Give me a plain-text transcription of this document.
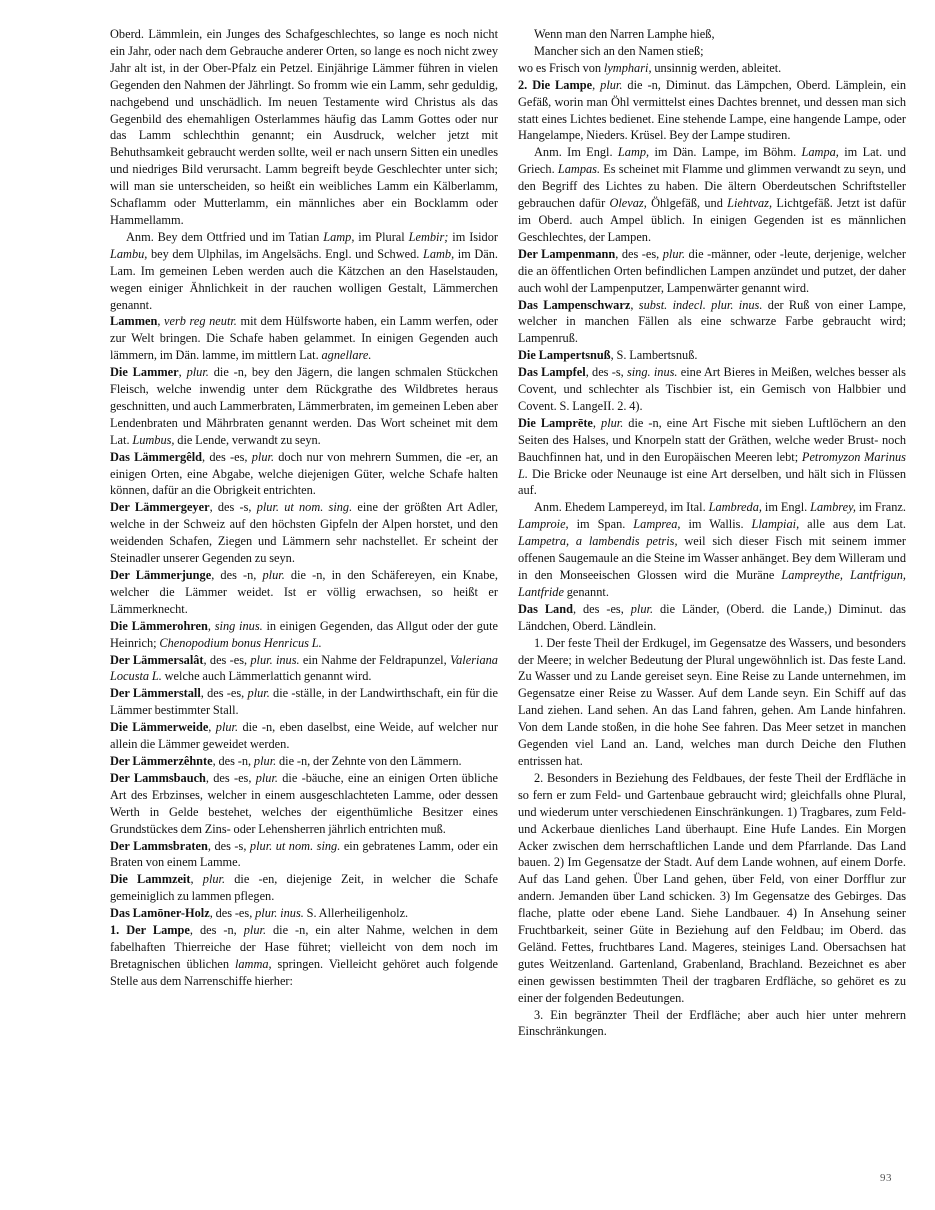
Oberd. Lämmlein, ein Junges des Schafgeschlechtes, so lange es noch nicht ein Jahr, oder nach dem Gebrauche anderer Orten, so lange es noch nicht zwey Jahr alt ist, in der Ober-Pfalz ein Petzel. Einjährige Lämmer führen in vielen Gegenden den Nahmen der Jährlingt. So fromm wie ein Lamm, sehr geduldig, nachgebend und unschädlich. Im neuen Testamente wird Christus als das Gegenbild des ehemahligen Osterlammes häufig das Lamm Gottes oder nur das Lamm schlechthin genannt; ein Ausdruck, welcher jetzt mit Behuthsamkeit gebraucht werden sollte, weil er nach unsern Sitten ein unedles und niedriges Bild verursacht. Lamm begreift beyde Geschlechter unter sich; will man sie unterscheiden, so heißt ein weibliches Lamm ein Kälberlamm, Schaflamm oder Mutterlamm, ein männliches aber ein Bocklamm oder Hammellamm.

Anm. Bey dem Ottfried und im Tatian Lamp, im Plural Lembir; im Isidor Lambu, bey dem Ulphilas, im Angelsächs. Engl. und Schwed. Lamb, im Dän. Lam. Im gemeinen Leben werden auch die Kätzchen an den Haselstauden, wegen einiger Ähnlichkeit in der rauchen wolligen Gestalt, Lämmerchen genannt.

Lammen, verb reg neutr. mit dem Hülfsworte haben, ein Lamm werfen, oder zur Welt bringen. Die Schafe haben gelammet. In einigen Gegenden auch lämmern, im Dän. lamme, im mittlern Lat. agnellare.

Die Lammer, plur. die -n, bey den Jägern, die langen schmalen Stückchen Fleisch, welche inwendig unter dem Rückgrathe des Wildbretes heraus geschnitten, und auch Lammerbraten, Lämmerbraten, im gemeinen Leben aber Lendenbraten und Mährbraten genannt werden. Das Wort scheinet mit dem Lat. Lumbus, die Lende, verwandt zu seyn.

Das Lämmergêld, des -es, plur. doch nur von mehrern Summen, die -er, an einigen Orten, eine Abgabe, welche diejenigen Güter, welche Schafe halten können, dafür an die Obrigkeit entrichten.

Der Lämmergeyer, des -s, plur. ut nom. sing. eine der größten Art Adler, welche in der Schweiz auf den höchsten Gipfeln der Alpen horstet, und den weidenden Schafen, Ziegen und Lämmern sehr nachstellet. Er scheint der Steinadler unserer Gegenden zu seyn.

Der Lämmerjunge, des -n, plur. die -n, in den Schäfereyen, ein Knabe, welcher die Lämmer weidet. Ist er völlig erwachsen, so heißt er Lämmerknecht.

Die Lämmerohren, sing inus. in einigen Gegenden, das Allgut oder der gute Heinrich; Chenopodium bonus Henricus L.

Der Lämmersalât, des -es, plur. inus. ein Nahme der Feldrapunzel, Valeriana Locusta L. welche auch Lämmerlattich genannt wird.

Der Lämmerstall, des -es, plur. die -ställe, in der Landwirthschaft, ein für die Lämmer bestimmter Stall.

Die Lämmerweide, plur. die -n, eben daselbst, eine Weide, auf welcher nur allein die Lämmer geweidet werden.

Der Lämmerzêhnte, des -n, plur. die -n, der Zehnte von den Lämmern.

Der Lammsbauch, des -es, plur. die -bäuche, eine an einigen Orten übliche Art des Erbzinses, welcher in einem ausgeschlachteten Lamme, oder dessen Werth in Gelde bestehet, welches der eigenthümliche Besitzer eines Grundstückes dem Zins- oder Lehensherren jährlich entrichten muß.

Der Lammsbraten, des -s, plur. ut nom. sing. ein gebratenes Lamm, oder ein Braten von einem Lamme.

Die Lammzeit, plur. die -en, diejenige Zeit, in welcher die Schafe gemeiniglich zu lammen pflegen.

Das Lamōner-Holz, des -es, plur. inus. S. Allerheiligenholz.

1. Der Lampe, des -n, plur. die -n, ein alter Nahme, welchen in dem fabelhaften Thierreiche der Hase führet; vielleicht von dem noch im Bretagnischen üblichen lamma, springen. Vielleicht gehöret auch folgende Stelle aus dem Narrenschiffe hierher:

Wenn man den Narren Lamphe hieß,

Mancher sich an den Namen stieß;

wo es Frisch von lymphari, unsinnig werden, ableitet.

2. Die Lampe, plur. die -n, Diminut. das Lämpchen, Oberd. Lämplein, ein Gefäß, worin man Öhl vermittelst eines Dachtes brennet, und dessen man sich statt eines Lichtes bedienet. Eine stehende Lampe, eine hangende Lampe, oder Hangelampe, Nieders. Krüsel. Bey der Lampe studiren.

Anm. Im Engl. Lamp, im Dän. Lampe, im Böhm. Lampa, im Lat. und Griech. Lampas. Es scheinet mit Flamme und glimmen verwandt zu seyn, und den Begriff des Lichtes zu haben. Die ältern Oberdeutschen Schriftsteller gebrauchen dafür Olevaz, Öhlgefäß, und Liehtvaz, Lichtgefäß. Jetzt ist dafür im Oberd. auch Ampel üblich. In einigen Gegenden ist es männlichen Geschlechtes, der Lampen.

Der Lampenmann, des -es, plur. die -männer, oder -leute, derjenige, welcher die an öffentlichen Orten befindlichen Lampen anzündet und putzet, der daher auch wohl der Lampenputzer, Lampenwärter genannt wird.

Das Lampenschwarz, subst. indecl. plur. inus. der Ruß von einer Lampe, welcher in manchen Fällen als eine schwarze Farbe gebraucht wird; Lampenruß.

Die Lampertsnuß, S. Lambertsnuß.

Das Lampfel, des -s, sing. inus. eine Art Bieres in Meißen, welches besser als Covent, und schlechter als Tischbier ist, ein Gemisch von Halbbier und Covent. S. LangeII. 2. 4).

Die Lamprēte, plur. die -n, eine Art Fische mit sieben Luftlöchern an den Seiten des Halses, und Knorpeln statt der Gräthen, welche weder Brust- noch Bauchfinnen hat, und in den Europäischen Meeren lebt; Petromyzon Marinus L. Die Bricke oder Neunauge ist eine Art derselben, und hält sich in Flüssen auf.

Anm. Ehedem Lampereyd, im Ital. Lambreda, im Engl. Lambrey, im Franz. Lamproie, im Span. Lamprea, im Wallis. Llampiai, alle aus dem Lat. Lampetra, a lambendis petris, weil sich dieser Fisch mit seinem immer offenen Saugemaule an die Steine im Wasser anhänget. Bey dem Willeram und in den Monseeischen Glossen wird die Muräne Lampreythe, Lantfrigun, Lantfride genannt.

Das Land, des -es, plur. die Länder, (Oberd. die Lande,) Diminut. das Ländchen, Oberd. Ländlein.

1. Der feste Theil der Erdkugel, im Gegensatze des Wassers, und besonders der Meere; in welcher Bedeutung der Plural ungewöhnlich ist. Das feste Land. Zu Wasser und zu Lande gereiset seyn. Eine Reise zu Lande unternehmen, im Gegensatze einer Reise zu Wasser. Auf dem Lande seyn. Ein Schiff auf das Land ziehen. Land sehen. An das Land fahren, gehen. Am Lande hinfahren. Von dem Lande stoßen, in die hohe See fahren. Das Meer setzet in manchen Gegenden viel Land an. Land, welches man durch Deiche den Fluthen entrissen hat.

2. Besonders in Beziehung des Feldbaues, der feste Theil der Erdfläche in so fern er zum Feld- und Gartenbaue gebraucht wird; gleichfalls ohne Plural, und wiederum unter verschiedenen Einschränkungen. 1) Tragbares, zum Feld- und Ackerbaue dienliches Land überhaupt. Eine Hufe Landes. Ein Morgen Acker zwischen dem herrschaftlichen Lande und dem Pfarrlande. Das Land bauen. 2) Im Gegensatze der Stadt. Auf dem Lande wohnen, auf einem Dorfe. Auf das Land gehen. Über Land gehen, über Feld, von einer Dorfflur zur andern. Jemanden über Land schicken. 3) Im Gegensatze des Gebirges. Das flache, platte oder ebene Land. Siehe Landbauer. 4) In Ansehung seiner Fruchtbarkeit, seiner Güte in Beziehung auf den Feldbau; im Oberd. das Geländ. Fettes, fruchtbares Land. Mageres, steiniges Land. Obersachsen hat gutes Weitzenland. Gartenland, Grabenland, Brachland. Bezeichnet es aber einen gewissen bestimmten Theil der tragbaren Erdfläche, so gehöret es zu einer der folgenden Bedeutungen.

3. Ein begränzter Theil der Erdfläche; aber auch hier unter mehrern Einschränkungen.

93
